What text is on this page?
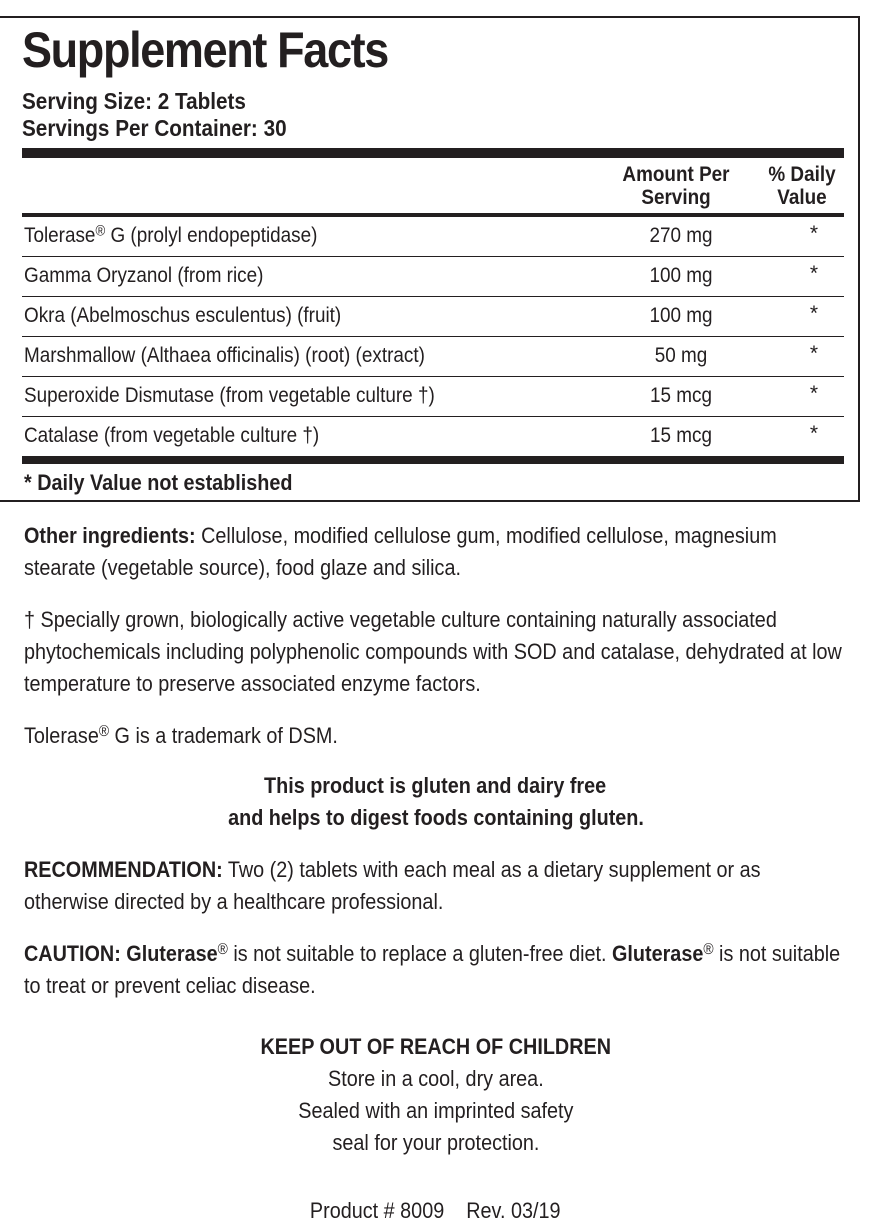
Supplement Facts
Serving Size: 2 Tablets
Servings Per Container: 30
Amount Per
Serving
% Daily
Value
Tolerase® G (prolyl endopeptidase)	270 mg	*
Gamma Oryzanol (from rice)	100 mg	*
Okra (Abelmoschus esculentus) (fruit)	100 mg	*
Marshmallow (Althaea officinalis) (root) (extract)	50 mg	*
Superoxide Dismutase (from vegetable culture †)	15 mcg	*
Catalase (from vegetable culture †)	15 mcg	*
* Daily Value not established
Other ingredients: Cellulose, modified cellulose gum, modified cellulose, magnesium stearate (vegetable source), food glaze and silica.
† Specially grown, biologically active vegetable culture containing naturally associated phytochemicals including polyphenolic compounds with SOD and catalase, dehydrated at low temperature to preserve associated enzyme factors.
Tolerase® G is a trademark of DSM.
This product is gluten and dairy free
and helps to digest foods containing gluten.
RECOMMENDATION: Two (2) tablets with each meal as a dietary supplement or as otherwise directed by a healthcare professional.
CAUTION: Gluterase® is not suitable to replace a gluten-free diet. Gluterase® is not suitable to treat or prevent celiac disease.
KEEP OUT OF REACH OF CHILDREN
Store in a cool, dry area.
Sealed with an imprinted safety
seal for your protection.
Product # 8009    Rev. 03/19
